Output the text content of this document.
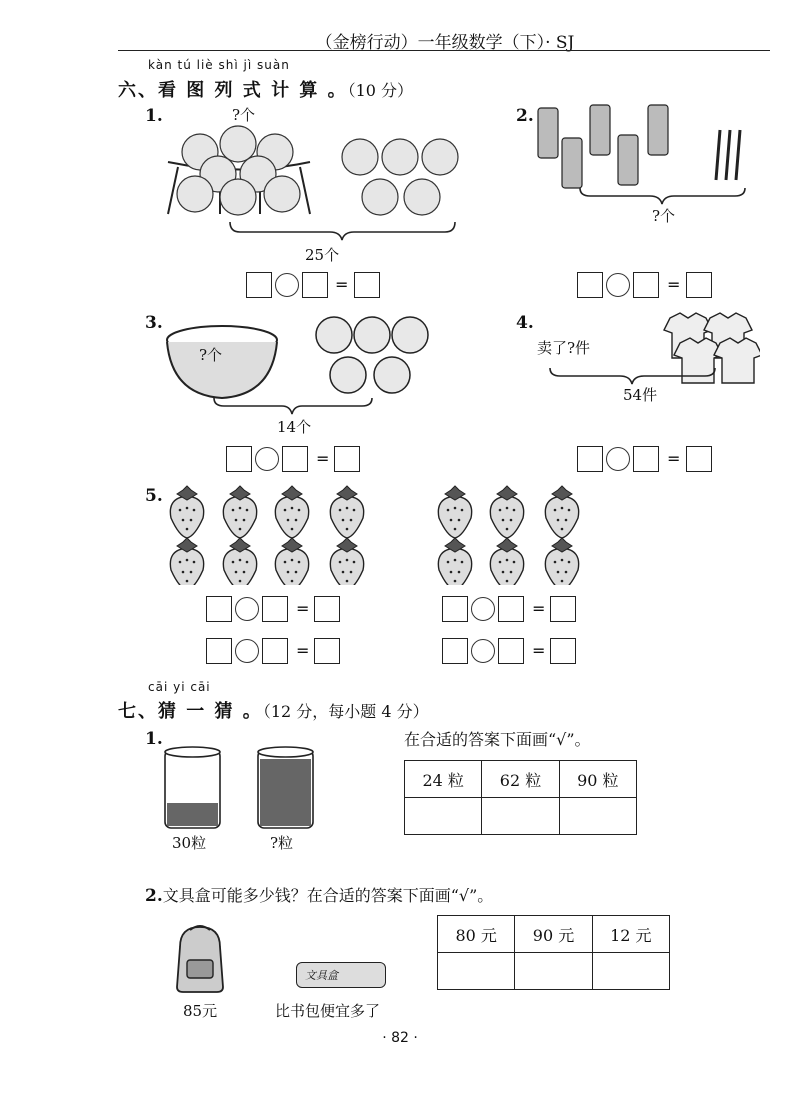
（金榜行动）一年级数学（下）· SJ
kàn tú liè shì jì suàn
六、看 图 列 式 计 算 。（10 分）
1.	?个
25个
=
2.
?个
=
3.
?个
14个
=
4.
卖了?件
54件
=
5.
=
=
=
=
cāi yi cāi
七、猜 一 猜 。（12 分，每小题 4 分）
1.
30粒	?粒
在合适的答案下面画“√”。
24 粒	62 粒	90 粒

2.文具盒可能多少钱？在合适的答案下面画“√”。
85元
文具盒
比书包便宜多了
80 元	90 元	12 元

· 82 ·
